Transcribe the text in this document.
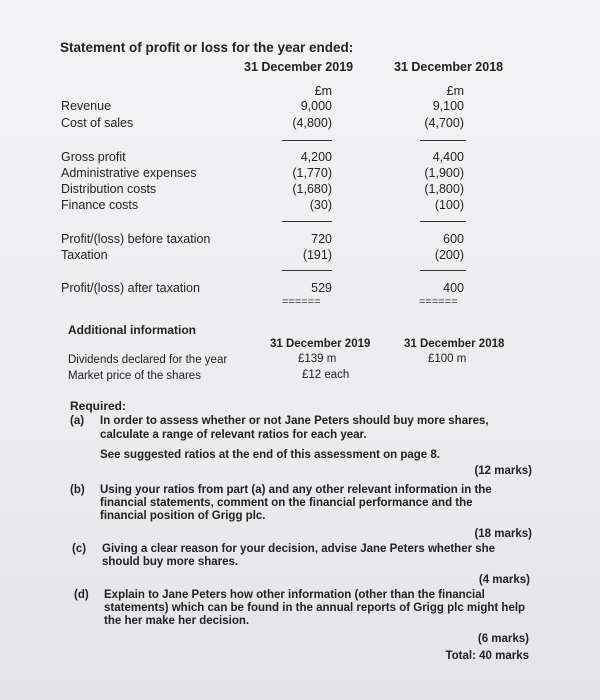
Statement of profit or loss for the year ended:
31 December 2019	31 December 2018
£m	£m
Revenue	9,000	9,100
Cost of sales	(4,800)	(4,700)
Gross profit	4,200	4,400
Administrative expenses	(1,770)	(1,900)
Distribution costs	(1,680)	(1,800)
Finance costs	(30)	(100)
Profit/(loss) before taxation	720	600
Taxation	(191)	(200)
Profit/(loss) after taxation	529	400
======	======
Additional information
31 December 2019	31 December 2018
Dividends declared for the year	£139 m	£100 m
Market price of the shares	£12 each
Required:
(a) In order to assess whether or not Jane Peters should buy more shares,
calculate a range of relevant ratios for each year.
See suggested ratios at the end of this assessment on page 8.
(12 marks)
(b) Using your ratios from part (a) and any other relevant information in the
financial statements, comment on the financial performance and the
financial position of Grigg plc.
(18 marks)
(c) Giving a clear reason for your decision, advise Jane Peters whether she
should buy more shares.
(4 marks)
(d) Explain to Jane Peters how other information (other than the financial
statements) which can be found in the annual reports of Grigg plc might help
the her make her decision.
(6 marks)
Total: 40 marks
